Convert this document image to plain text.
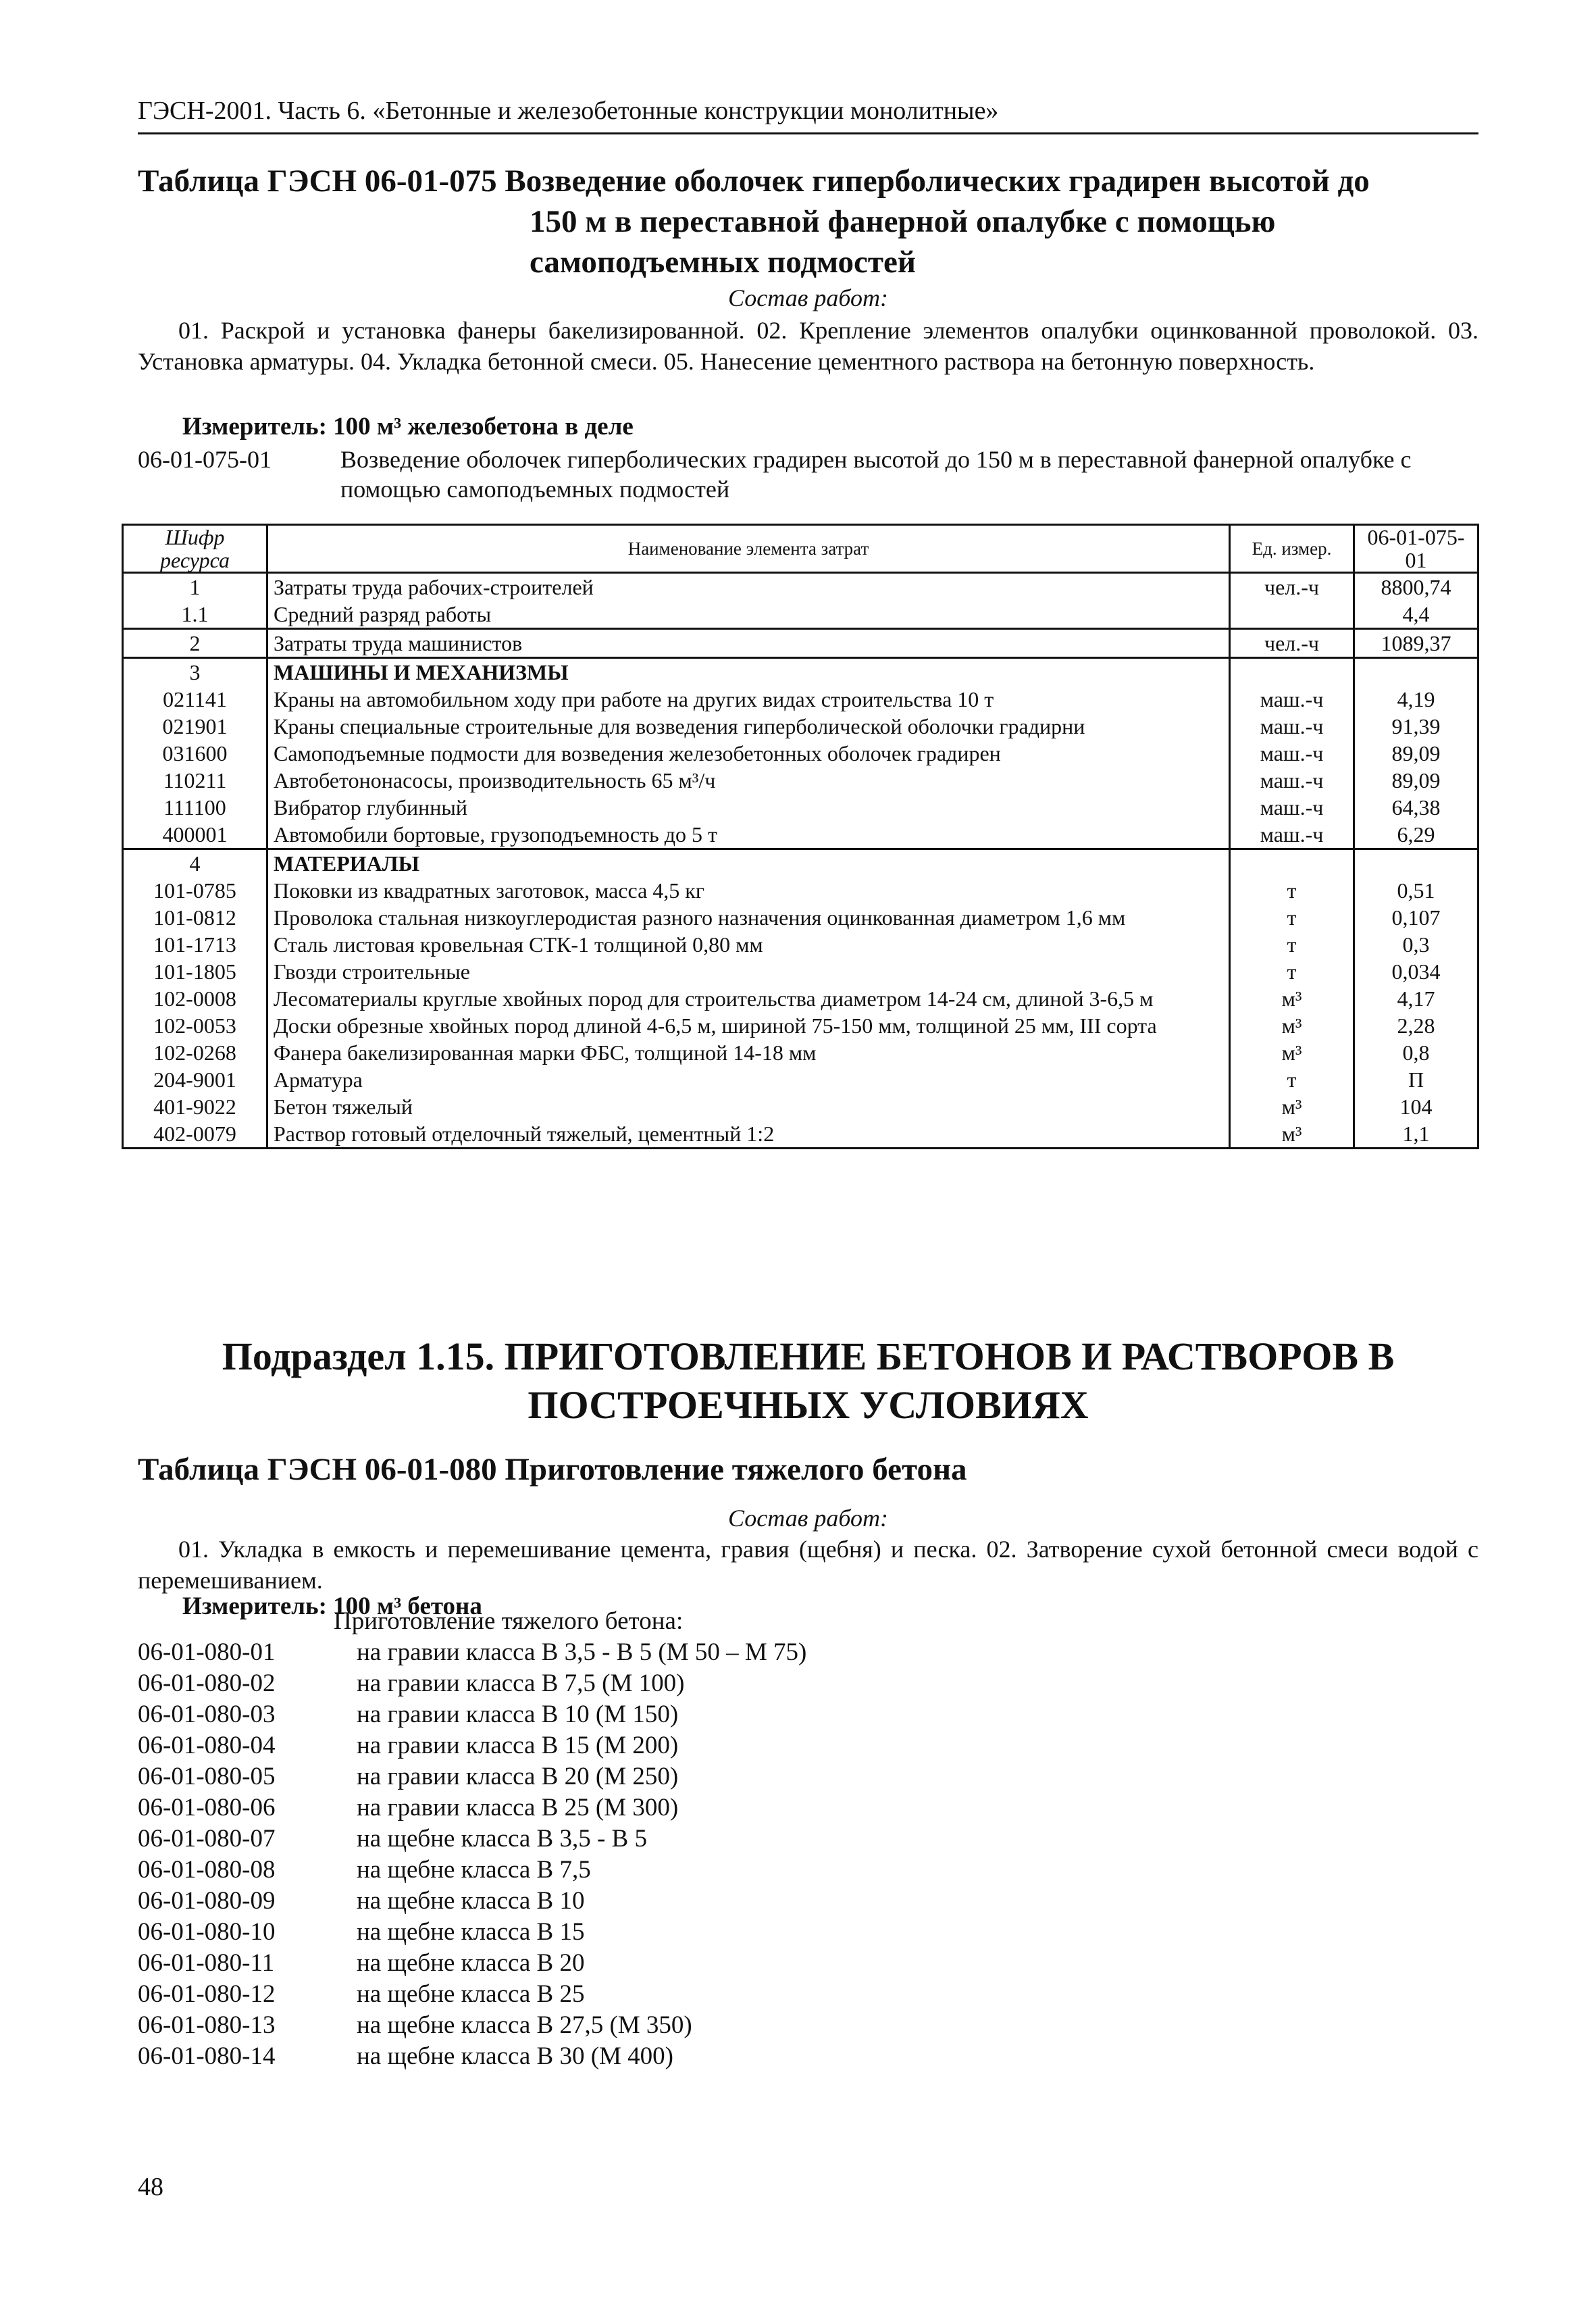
ГЭСН-2001. Часть 6. «Бетонные и железобетонные конструкции монолитные»
Таблица ГЭСН 06-01-075 Возведение оболочек гиперболических градирен высотой до
150 м в переставной фанерной опалубке с помощью
самоподъемных подмостей
Состав работ:
01. Раскрой и установка фанеры бакелизированной. 02. Крепление элементов опалубки оцинкованной проволокой. 03. Установка арматуры. 04. Укладка бетонной смеси. 05. Нанесение цементного раствора на бетонную поверхность.
Измеритель: 100 м³ железобетона в деле
06-01-075-01	Возведение оболочек гиперболических градирен высотой до 150 м в переставной фанерной опалубке с помощью самоподъемных подмостей
Шифр ресурса	Наименование элемента затрат	Ед. измер.	06-01-075-01
1	Затраты труда рабочих-строителей	чел.-ч	8800,74
1.1	Средний разряд работы		4,4
2	Затраты труда машинистов	чел.-ч	1089,37
3	МАШИНЫ И МЕХАНИЗМЫ		
021141	Краны на автомобильном ходу при работе на других видах строительства 10 т	маш.-ч	4,19
021901	Краны специальные строительные для возведения гиперболической оболочки градирни	маш.-ч	91,39
031600	Самоподъемные подмости для возведения железобетонных оболочек градирен	маш.-ч	89,09
110211	Автобетононасосы, производительность 65 м³/ч	маш.-ч	89,09
111100	Вибратор глубинный	маш.-ч	64,38
400001	Автомобили бортовые, грузоподъемность до 5 т	маш.-ч	6,29
4	МАТЕРИАЛЫ		
101-0785	Поковки из квадратных заготовок, масса 4,5 кг	т	0,51
101-0812	Проволока стальная низкоуглеродистая разного назначения оцинкованная диаметром 1,6 мм	т	0,107
101-1713	Сталь листовая кровельная СТК-1 толщиной 0,80 мм	т	0,3
101-1805	Гвозди строительные	т	0,034
102-0008	Лесоматериалы круглые хвойных пород для строительства диаметром 14-24 см, длиной 3-6,5 м	м³	4,17
102-0053	Доски обрезные хвойных пород длиной 4-6,5 м, шириной 75-150 мм, толщиной 25 мм, III сорта	м³	2,28
102-0268	Фанера бакелизированная марки ФБС, толщиной 14-18 мм	м³	0,8
204-9001	Арматура	т	П
401-9022	Бетон тяжелый	м³	104
402-0079	Раствор готовый отделочный тяжелый, цементный 1:2	м³	1,1
Подраздел 1.15. ПРИГОТОВЛЕНИЕ БЕТОНОВ И РАСТВОРОВ В
ПОСТРОЕЧНЫХ УСЛОВИЯХ
Таблица ГЭСН 06-01-080 Приготовление тяжелого бетона
Состав работ:
01. Укладка в емкость и перемешивание цемента, гравия (щебня) и песка. 02. Затворение сухой бетонной смеси водой с перемешиванием.
Измеритель: 100 м³ бетона
Приготовление тяжелого бетона:
06-01-080-01	на гравии класса В 3,5 - В 5 (М 50 – М 75)
06-01-080-02	на гравии класса В 7,5 (М 100)
06-01-080-03	на гравии класса В 10 (М 150)
06-01-080-04	на гравии класса В 15 (М 200)
06-01-080-05	на гравии класса В 20 (М 250)
06-01-080-06	на гравии класса В 25 (М 300)
06-01-080-07	на щебне класса В 3,5 - В 5
06-01-080-08	на щебне класса В 7,5
06-01-080-09	на щебне класса В 10
06-01-080-10	на щебне класса В 15
06-01-080-11	на щебне класса В 20
06-01-080-12	на щебне класса В 25
06-01-080-13	на щебне класса В 27,5 (М 350)
06-01-080-14	на щебне класса В 30 (М 400)
48
